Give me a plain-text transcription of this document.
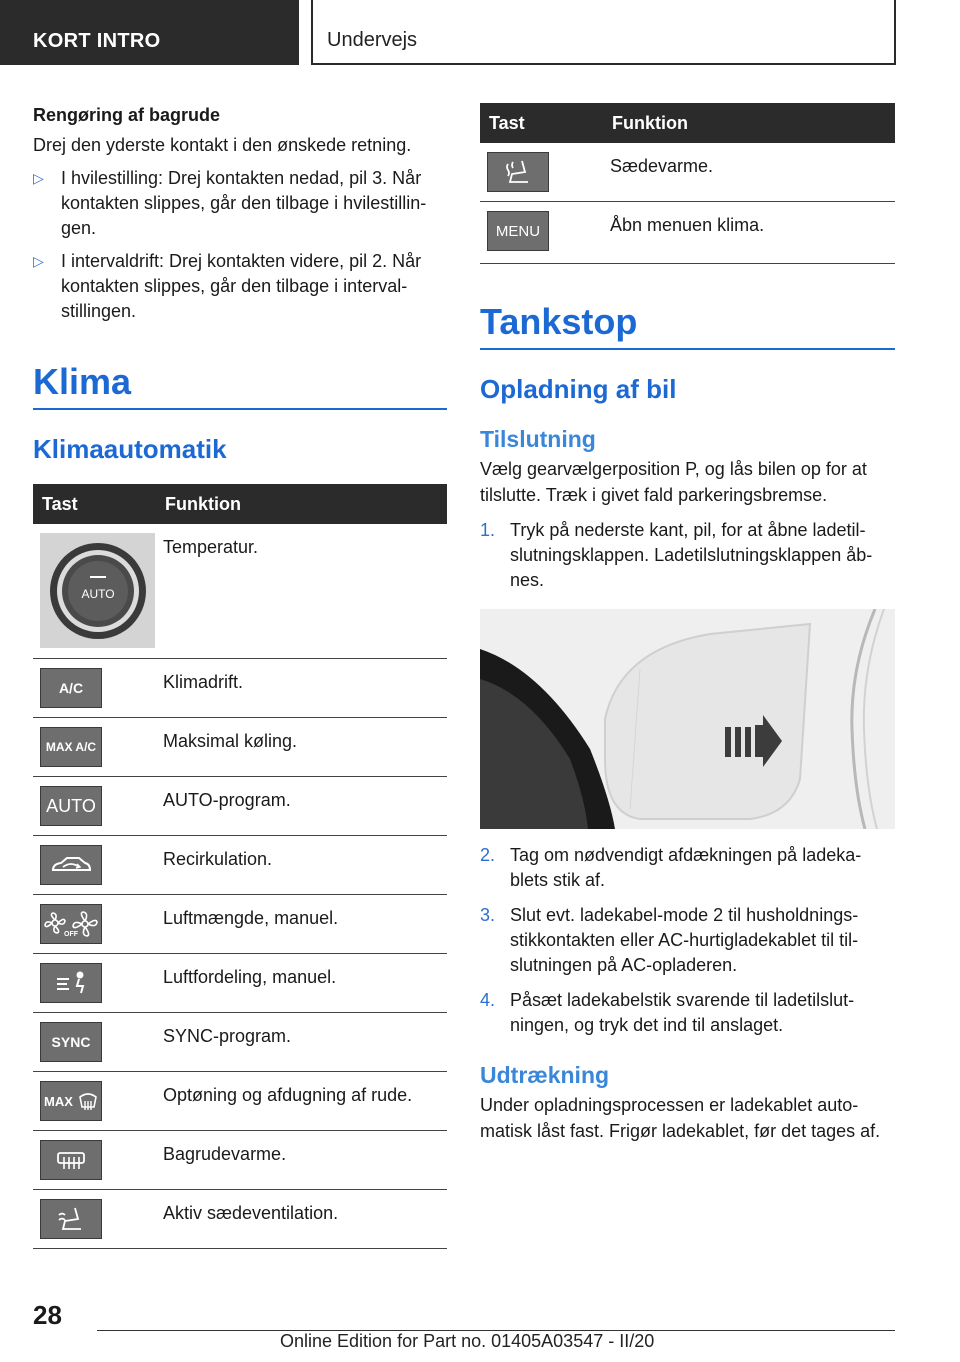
KORT INTRO	Undervejs
Rengøring af bagrude
Drej den yderste kontakt i den ønskede retning.
▷ I hvilestilling: Drej kontakten nedad, pil 3. Når kontakten slippes, går den tilbage i hvilestillin-gen.
▷ I intervaldrift: Drej kontakten videre, pil 2. Når kontakten slippes, går den tilbage i interval-stillingen.
Klima
Klimaautomatik
Tast	Funktion

AUTO	Temperatur.

A/C	Klimadrift.

MAX A/C	Maksimal køling.

AUTO	AUTO-program.

	Recirkulation.

OFF	Luftmængde, manuel.

	Luftfordeling, manuel.

SYNC	SYNC-program.

MAX	Optøning og afdugning af rude.

	Bagrudevarme.

	Aktiv sædeventilation.
Tast	Funktion

	Sædevarme.

MENU	Åbn menuen klima.
Tankstop
Opladning af bil
Tilslutning
Vælg gearvælgerposition P, og lås bilen op for at tilslutte. Træk i givet fald parkeringsbremse.
1. Tryk på nederste kant, pil, for at åbne ladetil-slutningsklappen. Ladetilslutningsklappen åb-nes.
2. Tag om nødvendigt afdækningen på ladeka-blets stik af.
3. Slut evt. ladekabel-mode 2 til husholdnings-stikkontakten eller AC-hurtigladekablet til til-slutningen på AC-opladeren.
4. Påsæt ladekabelstik svarende til ladetilslut-ningen, og tryk det ind til anslaget.
Udtrækning
Under opladningsprocessen er ladekablet auto-matisk låst fast. Frigør ladekablet, før det tages af.
28
Online Edition for Part no. 01405A03547 - II/20
